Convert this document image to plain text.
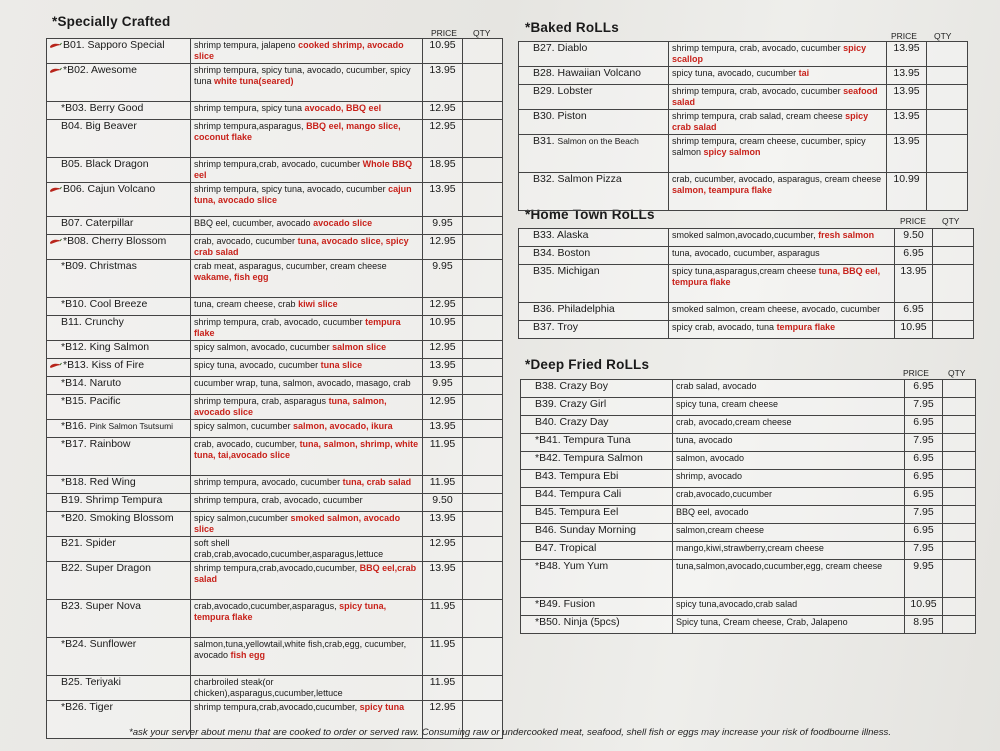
*Specially Crafted	*Baked RoLLs
*Home Town RoLLs
*Deep Fried RoLLs
PRICE QTY	PRICE QTY
PRICE QTY
PRICE QTY
B01. Sapporo Special	shrimp tempura, jalapeno cooked shrimp, avocado slice	10.95	
*B02. Awesome	shrimp tempura, spicy tuna, avocado, cucumber, spicy tuna white tuna(seared)	13.95	
*B03. Berry Good	shrimp tempura, spicy tuna avocado, BBQ eel	12.95	
B04. Big Beaver	shrimp tempura,asparagus, BBQ eel, mango slice, coconut flake	12.95	
B05. Black Dragon	shrimp tempura,crab, avocado, cucumber Whole BBQ eel	18.95	
B06. Cajun Volcano	shrimp tempura, spicy tuna, avocado, cucumber cajun tuna, avocado slice	13.95	
B07. Caterpillar	BBQ eel, cucumber, avocado avocado slice	9.95	
*B08. Cherry Blossom	crab, avocado, cucumber tuna, avocado slice, spicy crab salad	12.95	
*B09. Christmas	crab meat, asparagus, cucumber, cream cheese wakame, fish egg	9.95	
*B10. Cool Breeze	tuna, cream cheese, crab kiwi slice	12.95	
B11. Crunchy	shrimp tempura, crab, avocado, cucumber tempura flake	10.95	
*B12. King Salmon	spicy salmon, avocado, cucumber salmon slice	12.95	
*B13. Kiss of Fire	spicy tuna, avocado, cucumber tuna slice	13.95	
*B14. Naruto	cucumber wrap, tuna, salmon, avocado, masago, crab	9.95	
*B15. Pacific	shrimp tempura, crab, asparagus tuna, salmon, avocado slice	12.95	
*B16. Pink Salmon Tsutsumi	spicy salmon, cucumber salmon, avocado, ikura	13.95	
*B17. Rainbow	crab, avocado, cucumber, tuna, salmon, shrimp, white tuna, tai,avocado slice	11.95	
*B18. Red Wing	shrimp tempura, avocado, cucumber tuna, crab salad	11.95	
B19. Shrimp Tempura	shrimp tempura, crab, avocado, cucumber	9.50	
*B20. Smoking Blossom	spicy salmon,cucumber smoked salmon, avocado slice	13.95	
B21. Spider	soft shell crab,crab,avocado,cucumber,asparagus,lettuce	12.95	
B22. Super Dragon	shrimp tempura,crab,avocado,cucumber, BBQ eel,crab salad	13.95	
B23. Super Nova	crab,avocado,cucumber,asparagus, spicy tuna, tempura flake	11.95	
*B24. Sunflower	salmon,tuna,yellowtail,white fish,crab,egg, cucumber, avocado fish egg	11.95	
B25. Teriyaki	charbroiled steak(or chicken),asparagus,cucumber,lettuce	11.95	
*B26. Tiger	shrimp tempura,crab,avocado,cucumber, spicy tuna	12.95	
B27. Diablo	shrimp tempura, crab, avocado, cucumber spicy scallop	13.95	
B28. Hawaiian Volcano	spicy tuna, avocado, cucumber tai	13.95	
B29. Lobster	shrimp tempura, crab, avocado, cucumber seafood salad	13.95	
B30. Piston	shrimp tempura, crab salad, cream cheese spicy crab salad	13.95	
B31. Salmon on the Beach	shrimp tempura, cream cheese, cucumber, spicy salmon spicy salmon	13.95	
B32. Salmon Pizza	crab, cucumber, avocado, asparagus, cream cheese salmon, teampura flake	10.99	
B33. Alaska	smoked salmon,avocado,cucumber, fresh salmon	9.50	
B34. Boston	tuna, avocado, cucumber, asparagus	6.95	
B35. Michigan	spicy tuna,asparagus,cream cheese tuna, BBQ eel, tempura flake	13.95	
B36. Philadelphia	smoked salmon, cream cheese, avocado, cucumber	6.95	
B37. Troy	spicy crab, avocado, tuna tempura flake	10.95	
B38. Crazy Boy	crab salad, avocado	6.95	
B39. Crazy Girl	spicy tuna, cream cheese	7.95	
B40. Crazy Day	crab, avocado,cream cheese	6.95	
*B41. Tempura Tuna	tuna, avocado	7.95	
*B42. Tempura Salmon	salmon, avocado	6.95	
B43. Tempura Ebi	shrimp, avocado	6.95	
B44. Tempura Cali	crab,avocado,cucumber	6.95	
B45. Tempura Eel	BBQ eel, avocado	7.95	
B46. Sunday Morning	salmon,cream cheese	6.95	
B47. Tropical	mango,kiwi,strawberry,cream cheese	7.95	
*B48. Yum Yum	tuna,salmon,avocado,cucumber,egg, cream cheese	9.95	
*B49. Fusion	spicy tuna,avocado,crab salad	10.95	
*B50. Ninja (5pcs)	Spicy tuna, Cream cheese, Crab, Jalapeno	8.95	
*ask your server about menu that are cooked to order or served raw. Consuming raw or undercooked meat, seafood, shell fish or eggs may increase your risk of foodbourne illness.
